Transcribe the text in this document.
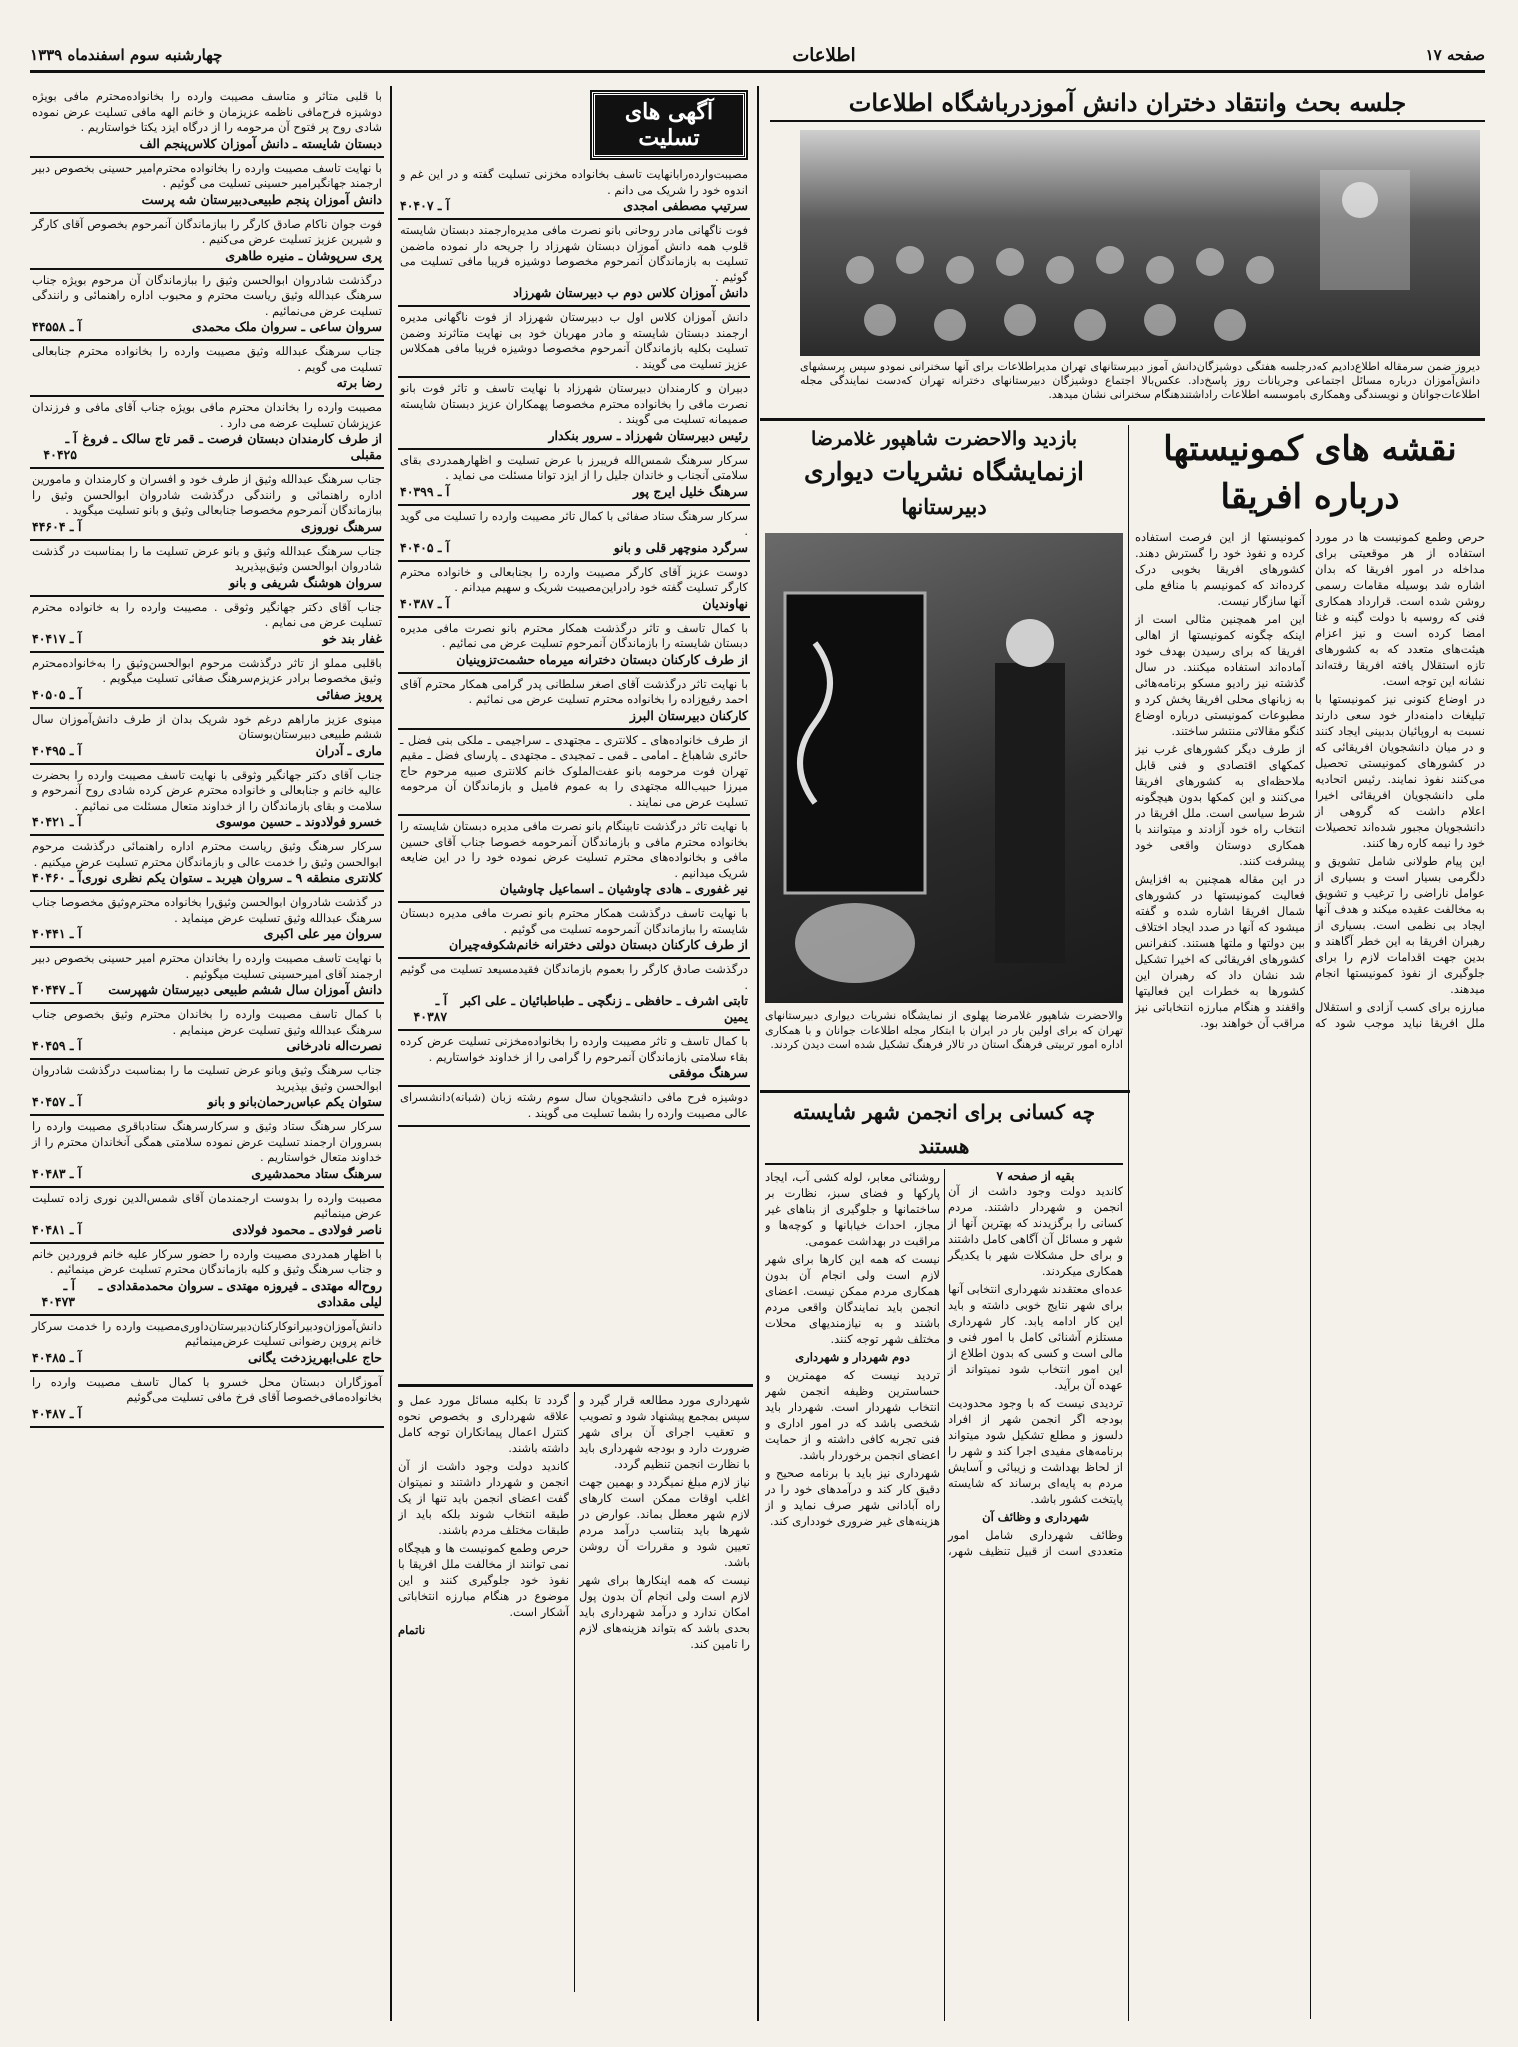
صفحه ۱۷
اطلاعات
چهارشنبه سوم اسفندماه ۱۳۳۹
جلسه بحث وانتقاد دختران دانش آموزدرباشگاه اطلاعات
دیروز ضمن سرمقاله اطلاع‌دادیم که‌درجلسه هفتگی دوشیزگان‌دانش آموز دبیرستانهای تهران مدیراطلاعات برای آنها سخنرانی نمودو سپس پرسشهای دانش‌آموزان درباره مسائل اجتماعی وجریانات روز پاسخ‌داد. عکس‌بالا اجتماع دوشیزگان دبیرستانهای دخترانه تهران که‌دست نمایندگی مجله اطلاعات‌جوانان و نویسندگی وهمکاری باموسسه اطلاعات راداشتندهنگام سخنرانی نشان میدهد.
نقشه های کمونیستها
درباره افریقا

حرص وطمع کمونیست ها در مورد استفاده از هر موقعیتی برای مداخله در امور افریقا که بدان اشاره شد بوسیله مقامات رسمی روشن شده است. قرارداد همکاری فنی که روسیه با دولت گینه و غنا امضا کرده است و نیز اعزام هیئت‌های متعدد که به کشورهای تازه استقلال یافته افریقا رفته‌اند نشانه این توجه است.

در اوضاع کنونی نیز کمونیستها با تبلیغات دامنه‌دار خود سعی دارند نسبت به اروپائیان بدبینی ایجاد کنند و در میان دانشجویان افریقائی که در کشورهای کمونیستی تحصیل می‌کنند نفوذ نمایند. رئیس اتحادیه ملی دانشجویان افریقائی اخیرا اعلام داشت که گروهی از دانشجویان مجبور شده‌اند تحصیلات خود را نیمه کاره رها کنند.

این پیام طولانی شامل تشویق و دلگرمی بسیار است و بسیاری از عوامل ناراضی را ترغیب و تشویق به مخالفت عقیده میکند و هدف آنها ایجاد بی نظمی است. بسیاری از رهبران افریقا به این خطر آگاهند و بدین جهت اقدامات لازم را برای جلوگیری از نفوذ کمونیستها انجام میدهند.

مبارزه برای کسب آزادی و استقلال ملل افریقا نباید موجب شود که کمونیستها از این فرصت استفاده کرده و نفوذ خود را گسترش دهند. کشورهای افریقا بخوبی درک کرده‌اند که کمونیسم با منافع ملی آنها سازگار نیست.

این امر همچنین مثالی است از اینکه چگونه کمونیستها از اهالی افریقا که برای رسیدن بهدف خود آماده‌اند استفاده میکنند. در سال گذشته نیز رادیو مسکو برنامه‌هائی به زبانهای محلی افریقا پخش کرد و مطبوعات کمونیستی درباره اوضاع کنگو مقالاتی منتشر ساختند.

از طرف دیگر کشورهای غرب نیز کمکهای اقتصادی و فنی قابل ملاحظه‌ای به کشورهای افریقا می‌کنند و این کمکها بدون هیچگونه شرط سیاسی است. ملل افریقا در انتخاب راه خود آزادند و میتوانند با همکاری دوستان واقعی خود پیشرفت کنند.

در این مقاله همچنین به افزایش فعالیت کمونیستها در کشورهای شمال افریقا اشاره شده و گفته میشود که آنها در صدد ایجاد اختلاف بین دولتها و ملتها هستند. کنفرانس کشورهای افریقائی که اخیرا تشکیل شد نشان داد که رهبران این کشورها به خطرات این فعالیتها واقفند و هنگام مبارزه انتخاباتی نیز مراقب آن خواهند بود.

بازدید والاحضرت شاهپور غلامرضا
ازنمایشگاه نشریات دیواری
دبیرستانها
والاحضرت شاهپور غلامرضا پهلوی از نمایشگاه نشریات دیواری دبیرستانهای تهران که برای اولین بار در ایران با ابتکار مجله اطلاعات جوانان و با همکاری اداره امور تربیتی فرهنگ استان در تالار فرهنگ تشکیل شده است دیدن کردند.
چه کسانی برای انجمن شهر شایسته هستند
بقیه از صفحه ۷

کاندید دولت وجود داشت از آن انجمن و شهردار داشتند. مردم کسانی را برگزیدند که بهترین آنها از شهر و مسائل آن آگاهی کامل داشتند و برای حل مشکلات شهر با یکدیگر همکاری میکردند.

عده‌ای معتقدند شهرداری انتخابی آنها برای شهر نتایج خوبی داشته و باید این کار ادامه یابد. کار شهرداری مستلزم آشنائی کامل با امور فنی و مالی است و کسی که بدون اطلاع از این امور انتخاب شود نمیتواند از عهده آن برآید.

تردیدی نیست که با وجود محدودیت بودجه اگر انجمن شهر از افراد دلسوز و مطلع تشکیل شود میتواند برنامه‌های مفیدی اجرا کند و شهر را از لحاظ بهداشت و زیبائی و آسایش مردم به پایه‌ای برساند که شایسته پایتخت کشور باشد.

شهرداری و وظائف آن

وظائف شهرداری شامل امور متعددی است از قبیل تنظیف شهر، روشنائی معابر، لوله کشی آب، ایجاد پارکها و فضای سبز، نظارت بر ساختمانها و جلوگیری از بناهای غیر مجاز، احداث خیابانها و کوچه‌ها و مراقبت در بهداشت عمومی.

نیست که همه این کارها برای شهر لازم است ولی انجام آن بدون همکاری مردم ممکن نیست. اعضای انجمن باید نمایندگان واقعی مردم باشند و به نیازمندیهای محلات مختلف شهر توجه کنند.

دوم شهردار و شهرداری

تردید نیست که مهمترین و حساسترین وظیفه انجمن شهر انتخاب شهردار است. شهردار باید شخصی باشد که در امور اداری و فنی تجربه کافی داشته و از حمایت اعضای انجمن برخوردار باشد.

شهرداری نیز باید با برنامه صحیح و دقیق کار کند و درآمدهای خود را در راه آبادانی شهر صرف نماید و از هزینه‌های غیر ضروری خودداری کند.

آگهی های تسلیت
مصیبت‌وارده‌رابانهایت تاسف بخانواده مخزنی تسلیت گفته و در این غم و اندوه خود را شریک می دانم .
سرتیپ مصطفی امجدی
آ ـ ۴۰۴۰۷
فوت ناگهانی مادر روحانی بانو نصرت مافی مدیره‌ارجمند دبستان شایسته قلوب همه دانش آموزان دبستان شهرزاد را جریحه دار نموده ماضمن تسلیت به بازماندگان آنمرحوم مخصوصا دوشیزه فریبا مافی تسلیت می گوئیم .
دانش آموزان کلاس دوم ب دبیرستان شهرزاد
دانش آموزان کلاس اول ب دبیرستان شهرزاد از فوت ناگهانی مدیره ارجمند دبستان شایسته و مادر مهربان خود بی نهایت متاثرند وضمن تسلیت بکلیه بازماندگان آنمرحوم مخصوصا دوشیزه فریبا مافی همکلاس عزیز تسلیت می گویند .
دبیران و کارمندان دبیرستان شهرزاد با نهایت تاسف و تاثر فوت بانو نصرت مافی را بخانواده محترم مخصوصا پهمکاران عزیز دبستان شایسته صمیمانه تسلیت می گویند .
رئیس دبیرستان شهرزاد ـ سرور بنکدار
سرکار سرهنگ شمس‌الله فریبرز با عرض تسلیت و اظهارهمدردی بقای سلامتی آنجناب و خاندان جلیل را از ایزد توانا مسئلت می نماید .
سرهنگ خلیل ایرج پور
آ ـ ۴۰۳۹۹
سرکار سرهنگ ستاد صفائی با کمال تاثر مصیبت وارده را تسلیت می گوید .
سرگرد منوچهر قلی و بانو
آ ـ ۴۰۴۰۵
دوست عزیز آقای کارگر مصیبت وارده را بجنابعالی و خانواده محترم کارگر تسلیت گفته خود رادراین‌مصیبت شریک و سهیم میدانم .
نهاوندیان
آ ـ ۴۰۳۸۷
با کمال تاسف و تاثر درگذشت همکار محترم بانو نصرت مافی مدیره دبستان شایسته را بازماندگان آنمرحوم تسلیت عرض می نمائیم .
از طرف کارکنان دبستان دخترانه میرماه حشمت‌تزوینیان
با نهایت تاثر درگذشت آقای اصغر سلطانی پدر گرامی همکار محترم آقای احمد رفیع‌زاده را بخانواده محترم تسلیت عرض می نمائیم .
کارکنان دبیرستان البرز
از طرف خانواده‌های ـ کلانتری ـ مجتهدی ـ سراجیمی ـ ملکی بنی فضل ـ حائری شاهباغ ـ امامی ـ قمی ـ تمجیدی ـ مجتهدی ـ پارسای فضل ـ مقیم تهران فوت مرحومه بانو عفت‌الملوک خانم کلانتری صبیه مرحوم حاج میرزا حبیب‌الله مجتهدی را به عموم فامیل و بازماندگان آن مرحومه تسلیت عرض می نمایند .
با نهایت تاثر درگذشت تابینگام بانو نصرت مافی مدیره دبستان شایسته را بخانواده محترم مافی و بازماندگان آنمرحومه خصوصا جناب آقای حسین مافی و بخانواده‌های محترم تسلیت عرض نموده خود را در این ضایعه شریک میدانیم .
نیر غفوری ـ هادی چاوشیان ـ اسماعیل چاوشیان
با نهایت تاسف درگذشت همکار محترم بانو نصرت مافی مدیره دبستان شایسته را ببازماندگان آنمرحومه تسلیت می گوئیم .
از طرف کارکنان دبستان دولتی دخترانه خانم‌شکوفه‌چیران
درگذشت صادق کارگر را بعموم بازماندگان فقیدمسیعد تسلیت می گوئیم .
تابتی اشرف ـ حافظی ـ زنگچی ـ طباطبائیان ـ علی اکبر یمین
آ ـ ۴۰۳۸۷
با کمال تاسف و تاثر مصیبت وارده را بخانواده‌مخزنی تسلیت عرض کرده بقاء سلامتی بازماندگان آنمرحوم را گرامی را از خداوند خواستاریم .
سرهنگ موفقی
دوشیزه فرح مافی دانشجویان سال سوم رشته زبان (شبانه)دانشسرای عالی مصیبت وارده را بشما تسلیت می گویند .

شهرداری مورد مطالعه قرار گیرد و سپس بمجمع پیشنهاد شود و تصویب و تعقیب اجرای آن برای شهر ضرورت دارد و بودجه شهرداری باید با نظارت انجمن تنظیم گردد.

نیاز لازم مبلغ نمیگردد و بهمین جهت اغلب اوقات ممکن است کارهای لازم شهر معطل بماند. عوارض در شهرها باید بتناسب درآمد مردم تعیین شود و مقررات آن روشن باشد.

نیست که همه اینکارها برای شهر لازم است ولی انجام آن بدون پول امکان ندارد و درآمد شهرداری باید بحدی باشد که بتواند هزینه‌های لازم را تامین کند.

گردد تا بکلیه مسائل مورد عمل و علاقه شهرداری و بخصوص نحوه کنترل اعمال پیمانکاران توجه کامل داشته باشند.

کاندید دولت وجود داشت از آن انجمن و شهردار داشتند و نمیتوان گفت اعضای انجمن باید تنها از یک طبقه انتخاب شوند بلکه باید از طبقات مختلف مردم باشند.

حرص وطمع کمونیست ها و هیچگاه نمی توانند از مخالفت ملل افریقا با نفوذ خود جلوگیری کنند و این موضوع در هنگام مبارزه انتخاباتی آشکار است.

ناتمام

با قلبی متاثر و متاسف مصیبت وارده را بخانواده‌محترم مافی بویژه دوشیزه فرح‌مافی ناظمه عزیزمان و خانم الهه مافی تسلیت عرض نموده شادی روح پر فتوح آن مرحومه را از درگاه ایزد یکتا خواستاریم .
دبستان شایسته ـ دانش آموزان کلاس‌پنجم الف
با نهایت تاسف مصیبت وارده را بخانواده محترم‌امیر حسینی بخصوص دبیر ارجمند جهانگیرامیر حسینی تسلیت می گوئیم .
دانش آموزان پنجم طبیعی‌دبیرستان شه پرست
فوت جوان ناکام صادق کارگر را ببازماندگان آنمرحوم بخصوص آقای کارگر و شیرین عزیز تسلیت عرض می‌کنیم .
پری سرپوشان ـ منیره طاهری
درگذشت شادروان ابوالحسن وثیق را ببازماندگان آن مرحوم بویژه جناب سرهنگ عبدالله وثیق ریاست محترم و محبوب اداره راهنمائی و رانندگی تسلیت عرض می‌نمائیم .
سروان ساعی ـ سروان ملک محمدی
آ ـ ۴۴۵۵۸
جناب سرهنگ عبدالله وثیق مصیبت وارده را بخانواده محترم جنابعالی تسلیت می گویم .
رضا برته
مصیبت وارده را بخاندان محترم مافی بویژه جناب آقای مافی و فرزندان عزیزشان تسلیت عرضه می دارد .
از طرف کارمندان دبستان فرصت ـ قمر تاج سالک ـ فروغ مقبلی
آ ـ ۴۰۴۲۵
جناب سرهنگ عبدالله وثیق از طرف خود و افسران و کارمندان و مامورین اداره راهنمائی و رانندگی درگذشت شادروان ابوالحسن وثیق را ببازماندگان آنمرحوم مخصوصا جنابعالی وثیق و بانو تسلیت میگوید .
سرهنگ نوروزی
آ ـ ۴۴۶۰۴
جناب سرهنگ عبدالله وثیق و بانو عرض تسلیت ما را بمناسبت در گذشت شادروان ابوالحسن وثیق‌بپذیرید
سروان هوشنگ شریفی و بانو
جناب آقای دکتر جهانگیر وثوقی . مصیبت وارده را به خانواده محترم تسلیت عرض می نمایم .
غفار بند خو
آ ـ ۴۰۴۱۷
باقلبی مملو از تاثر درگذشت مرحوم ابوالحسن‌وثیق را به‌خانواده‌محترم وثیق مخصوصا برادر عزیزم‌سرهنگ صفائی تسلیت میگویم .
پرویز صفائی
آ ـ ۴۰۵۰۵
مینوی عزیز ماراهم درغم خود شریک بدان از طرف دانش‌آموزان سال ششم طبیعی دبیرستان‌بوستان
ماری ـ آدران
آ ـ ۴۰۴۹۵
جناب آقای دکتر جهانگیر وثوقی با نهایت تاسف مصیبت وارده را بحضرت عالیه خانم و جنابعالی و خانواده محترم عرض کرده شادی روح آنمرحوم و سلامت و بقای بازماندگان را از خداوند متعال مسئلت می نمائیم .
خسرو فولادوند ـ حسین موسوی
آ ـ ۴۰۴۲۱
سرکار سرهنگ وثیق ریاست محترم اداره راهنمائی درگذشت مرحوم ابوالحسن وثیق را خدمت عالی و بازماندگان محترم تسلیت عرض میکنیم .
کلانتری منطقه ۹ ـ سروان هیربد ـ ستوان یکم نظری نوری
آ ـ ۴۰۴۶۰
در گذشت شادروان ابوالحسن وثیق‌را بخانواده محترم‌وثیق مخصوصا جناب سرهنگ عبدالله وثیق تسلیت عرض مینماید .
سروان میر علی اکبری
آ ـ ۴۰۴۴۱
با نهایت تاسف مصیبت وارده را بخاندان محترم امیر حسینی بخصوص دبیر ارجمند آقای امیرحسینی تسلیت میگوئیم .
دانش آموزان سال ششم طبیعی دبیرستان شهپرست
آ ـ ۴۰۴۴۷
با کمال تاسف مصیبت وارده را بخاندان محترم وثیق بخصوص جناب سرهنگ عبدالله وثیق تسلیت عرض مینمایم .
نصرت‌اله نادرخانی
آ ـ ۴۰۴۵۹
جناب سرهنگ وثیق وبانو عرض تسلیت ما را بمناسبت درگذشت شادروان ابوالحسن وثیق بپذیرید
ستوان یکم عباس‌رحمان‌بانو و بانو
آ ـ ۴۰۴۵۷
سرکار سرهنگ ستاد وثیق و سرکارسرهنگ ستادباقری مصیبت وارده را بسروران ارجمند تسلیت عرض نموده سلامتی همگی آنخاندان محترم را از خداوند متعال خواستاریم .
سرهنگ ستاد محمدشیری
آ ـ ۴۰۴۸۳
مصیبت وارده را بدوست ارجمندمان آقای شمس‌الدین نوری زاده تسلیت عرض مینمائیم
ناصر فولادی ـ محمود فولادی
آ ـ ۴۰۴۸۱
با اظهار همدردی مصیبت وارده را حضور سرکار علیه خانم فروردین خانم و جناب سرهنگ وثیق و کلیه بازماندگان محترم تسلیت عرض مینمائیم .
روح‌اله مهتدی ـ فیروزه مهتدی ـ سروان محمدمقدادی ـ لیلی مقدادی
آ ـ ۴۰۴۷۳
دانش‌آموزان‌ودبیرانو‌کارکنان‌دبیرستان‌داوری‌مصیبت وارده را خدمت سرکار خانم پروین رضوانی تسلیت عرض‌مینمائیم
حاج علی‌ابهریزدخت یگانی
آ ـ ۴۰۴۸۵
آموزگاران دبستان محل خسرو با کمال تاسف مصیبت وارده را بخانواده‌مافی‌خصوصا آقای فرخ مافی تسلیت می‌گوئیم
آ ـ ۴۰۴۸۷
